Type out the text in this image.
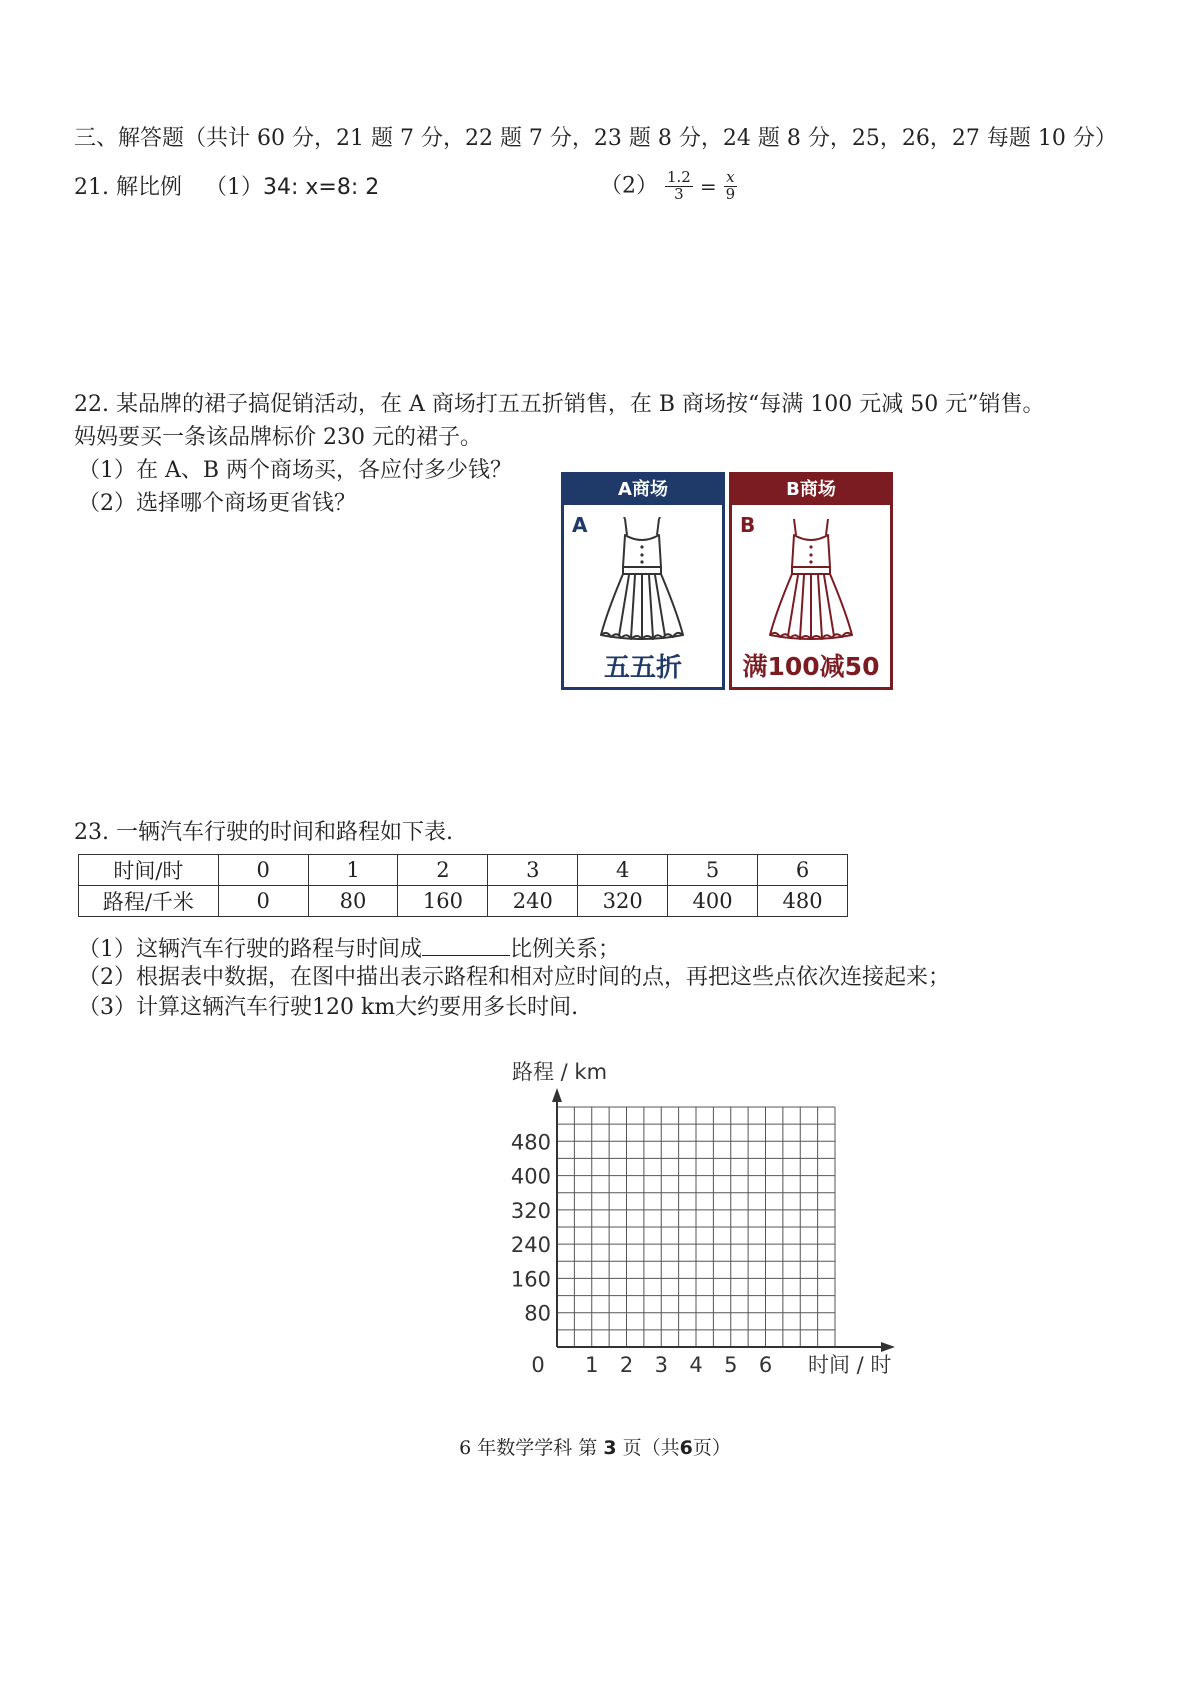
三、解答题（共计 60 分，21 题 7 分，22 题 7 分，23 题 8 分，24 题 8 分，25，26，27 每题 10 分）
21. 解比例 （1）34: x=8: 2	$(2) \frac{1.2}{3} = \frac{x}{9}$
22. 某品牌的裙子搞促销活动，在 A 商场打五五折销售，在 B 商场按“每满 100 元减 50 元”销售。
妈妈要买一条该品牌标价 230 元的裙子。
（1）在 A、B 两个商场买，各应付多少钱？
（2）选择哪个商场更省钱？
A商场
A
五五折
B商场
B
满100减50
23. 一辆汽车行驶的时间和路程如下表.
时间/时	0	1	2	3	4	5	6
路程/千米	0	80	160	240	320	400	480
（1）这辆汽车行驶的路程与时间成	比例关系；
（2）根据表中数据，在图中描出表示路程和相对应时间的点，再把这些点依次连接起来；
（3）计算这辆汽车行驶120 km大约要用多长时间.
路程 / km
80
160
240
320
400
480
1 2 3 4 5 6
0	时间 / 时
6 年数学学科 第 3 页（共6页）
